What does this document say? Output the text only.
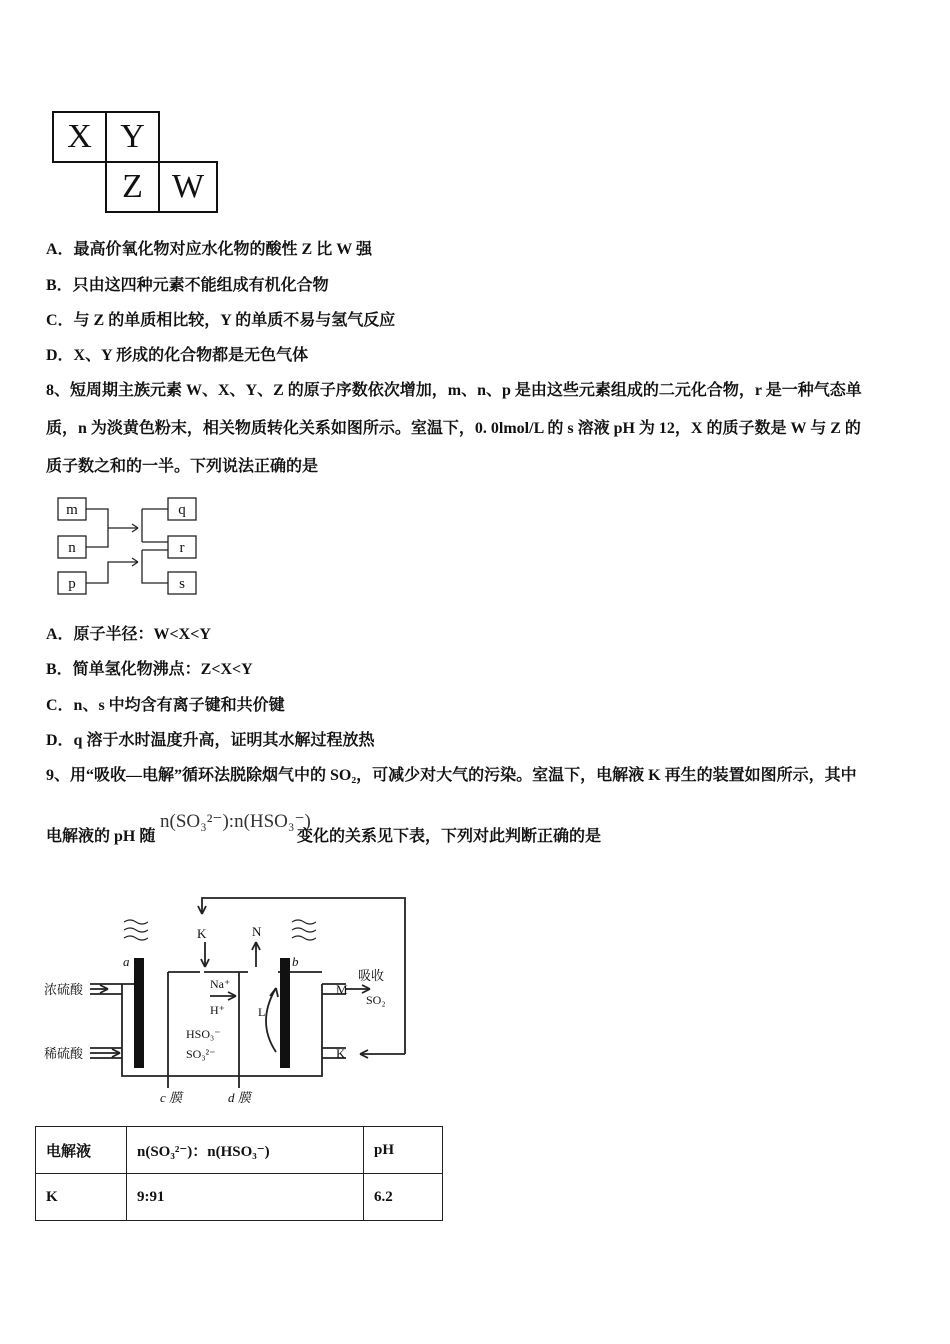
X Y
Z W
A．最高价氧化物对应水化物的酸性 Z 比 W 强
B．只由这四种元素不能组成有机化合物
C．与 Z 的单质相比较，Y 的单质不易与氢气反应
D．X、Y 形成的化合物都是无色气体
8、短周期主族元素 W、X、Y、Z 的原子序数依次增加，m、n、p 是由这些元素组成的二元化合物，r 是一种气态单
质，n 为淡黄色粉末，相关物质转化关系如图所示。室温下，0. 0lmol/L 的 s 溶液 pH 为 12，X 的质子数是 W 与 Z 的
质子数之和的一半。下列说法正确的是
m
n
p
q
r
s
A．原子半径：W<X<Y
B．简单氢化物沸点：Z<X<Y
C．n、s 中均含有离子键和共价键
D．q 溶于水时温度升高，证明其水解过程放热
9、用“吸收—电解”循环法脱除烟气中的 SO₂，可减少对大气的污染。室温下，电解液 K 再生的装置如图所示，其中
电解液的 pH 随
n(SO₃²⁻):n(HSO₃⁻)
变化的关系见下表，下列对此判断正确的是
a	b
K	N
M
K
浓硫酸
稀硫酸
吸收
SO₂
Na⁺
H⁺	L
HSO₃⁻
SO₃²⁻
c 膜	d 膜
电解液	n(SO₃²⁻)：n(HSO₃⁻)	pH
K	9:91	6.2
